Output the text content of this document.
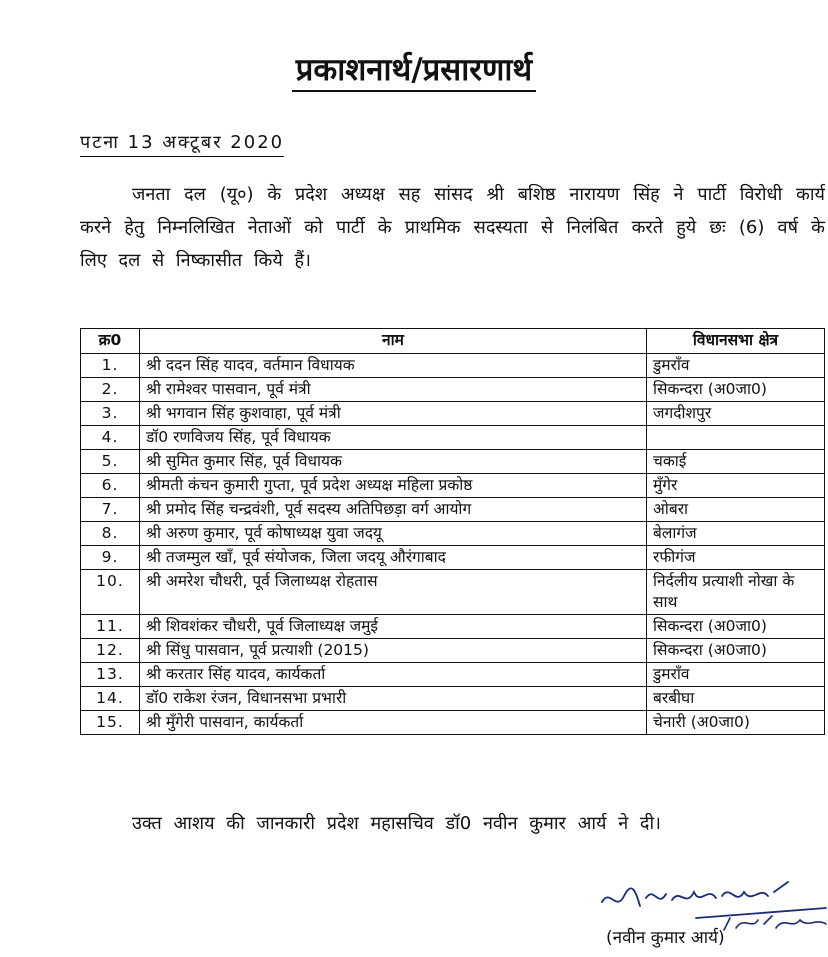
प्रकाशनार्थ/प्रसारणार्थ
पटना 13 अक्टूबर 2020
जनता दल (यू०) के प्रदेश अध्यक्ष सह सांसद श्री बशिष्ठ नारायण सिंह ने पार्टी विरोधी कार्य करने हेतु निम्नलिखित नेताओं को पार्टी के प्राथमिक सदस्यता से निलंबित करते हुये छः (6) वर्ष के लिए दल से निष्कासीत किये हैं।
क्र0	नाम	विधानसभा क्षेत्र
1.	श्री ददन सिंह यादव, वर्तमान विधायक	डुमराँव
2.	श्री रामेश्वर पासवान, पूर्व मंत्री	सिकन्दरा (अ0जा0)
3.	श्री भगवान सिंह कुशवाहा, पूर्व मंत्री	जगदीशपुर
4.	डॉ0 रणविजय सिंह, पूर्व विधायक	
5.	श्री सुमित कुमार सिंह, पूर्व विधायक	चकाई
6.	श्रीमती कंचन कुमारी गुप्ता, पूर्व प्रदेश अध्यक्ष महिला प्रकोष्ठ	मुँगेर
7.	श्री प्रमोद सिंह चन्द्रवंशी, पूर्व सदस्य अतिपिछड़ा वर्ग आयोग	ओबरा
8.	श्री अरुण कुमार, पूर्व कोषाध्यक्ष युवा जदयू	बेलागंज
9.	श्री तजम्मुल खाँ, पूर्व संयोजक, जिला जदयू औरंगाबाद	रफीगंज
10.	श्री अमरेश चौधरी, पूर्व जिलाध्यक्ष रोहतास	निर्दलीय प्रत्याशी नोखा के साथ
11.	श्री शिवशंकर चौधरी, पूर्व जिलाध्यक्ष जमुई	सिकन्दरा (अ0जा0)
12.	श्री सिंधु पासवान, पूर्व प्रत्याशी (2015)	सिकन्दरा (अ0जा0)
13.	श्री करतार सिंह यादव, कार्यकर्ता	डुमराँव
14.	डॉ0 राकेश रंजन, विधानसभा प्रभारी	बरबीघा
15.	श्री मुँगेरी पासवान, कार्यकर्ता	चेनारी (अ0जा0)
उक्त आशय की जानकारी प्रदेश महासचिव डॉ0 नवीन कुमार आर्य ने दी।
(नवीन कुमार आर्य)
